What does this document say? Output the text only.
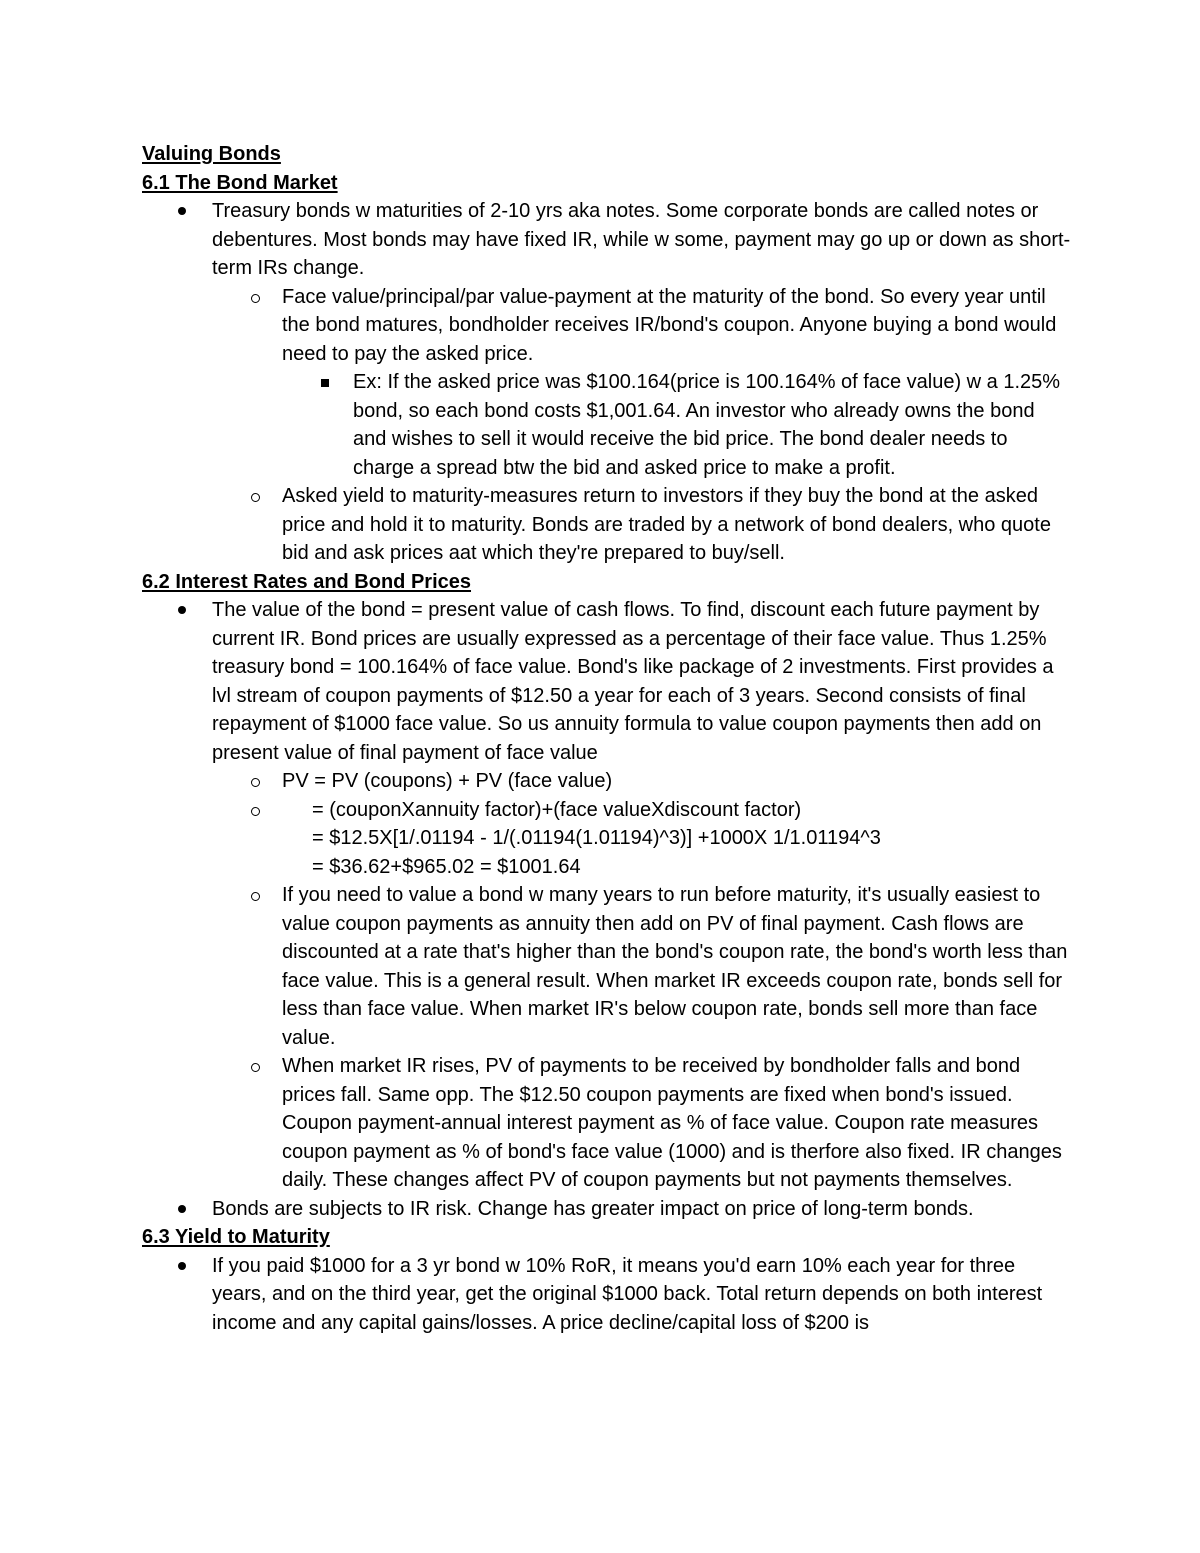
Valuing Bonds
6.1 The Bond Market
Treasury bonds w maturities of 2-10 yrs aka notes. Some corporate bonds are called notes or debentures. Most bonds may have fixed IR, while w some, payment may go up or down as short-term IRs change.
Face value/principal/par value-payment at the maturity of the bond. So every year until the bond matures, bondholder receives IR/bond's coupon. Anyone buying a bond would need to pay the asked price.
Ex: If the asked price was $100.164(price is 100.164% of face value) w a 1.25% bond, so each bond costs $1,001.64. An investor who already owns the bond and wishes to sell it would receive the bid price. The bond dealer needs to charge a spread btw the bid and asked price to make a profit.
Asked yield to maturity-measures return to investors if they buy the bond at the asked price and hold it to maturity. Bonds are traded by a network of bond dealers, who quote bid and ask prices aat which they're prepared to buy/sell.
6.2 Interest Rates and Bond Prices
The value of the bond = present value of cash flows. To find, discount each future payment by current IR. Bond prices are usually expressed as a percentage of their face value. Thus 1.25% treasury bond = 100.164% of face value. Bond's like package of 2 investments. First provides a lvl stream of coupon payments of $12.50 a year for each of 3 years. Second consists of final repayment of $1000 face value. So us annuity formula to value coupon payments then add on present value of final payment of face value
PV = PV (coupons) + PV (face value)
= (couponXannuity factor)+(face valueXdiscount factor)
= $12.5X[1/.01194 - 1/(.01194(1.01194)^3)] +1000X 1/1.01194^3
= $36.62+$965.02 = $1001.64
If you need to value a bond w many years to run before maturity, it's usually easiest to value coupon payments as annuity then add on PV of final payment. Cash flows are discounted at a rate that's higher than the bond's coupon rate, the bond's worth less than face value. This is a general result. When market IR exceeds coupon rate, bonds sell for less than face value. When market IR's below coupon rate, bonds sell more than face value.
When market IR rises, PV of payments to be received by bondholder falls and bond prices fall. Same opp. The $12.50 coupon payments are fixed when bond's issued. Coupon payment-annual interest payment as % of face value. Coupon rate measures coupon payment as % of bond's face value (1000) and is therfore also fixed. IR changes daily. These changes affect PV of coupon payments but not payments themselves.
Bonds are subjects to IR risk. Change has greater impact on price of long-term bonds.
6.3 Yield to Maturity
If you paid $1000 for a 3 yr bond w 10% RoR, it means you'd earn 10% each year for three years, and on the third year, get the original $1000 back. Total return depends on both interest income and any capital gains/losses. A price decline/capital loss of $200 is
